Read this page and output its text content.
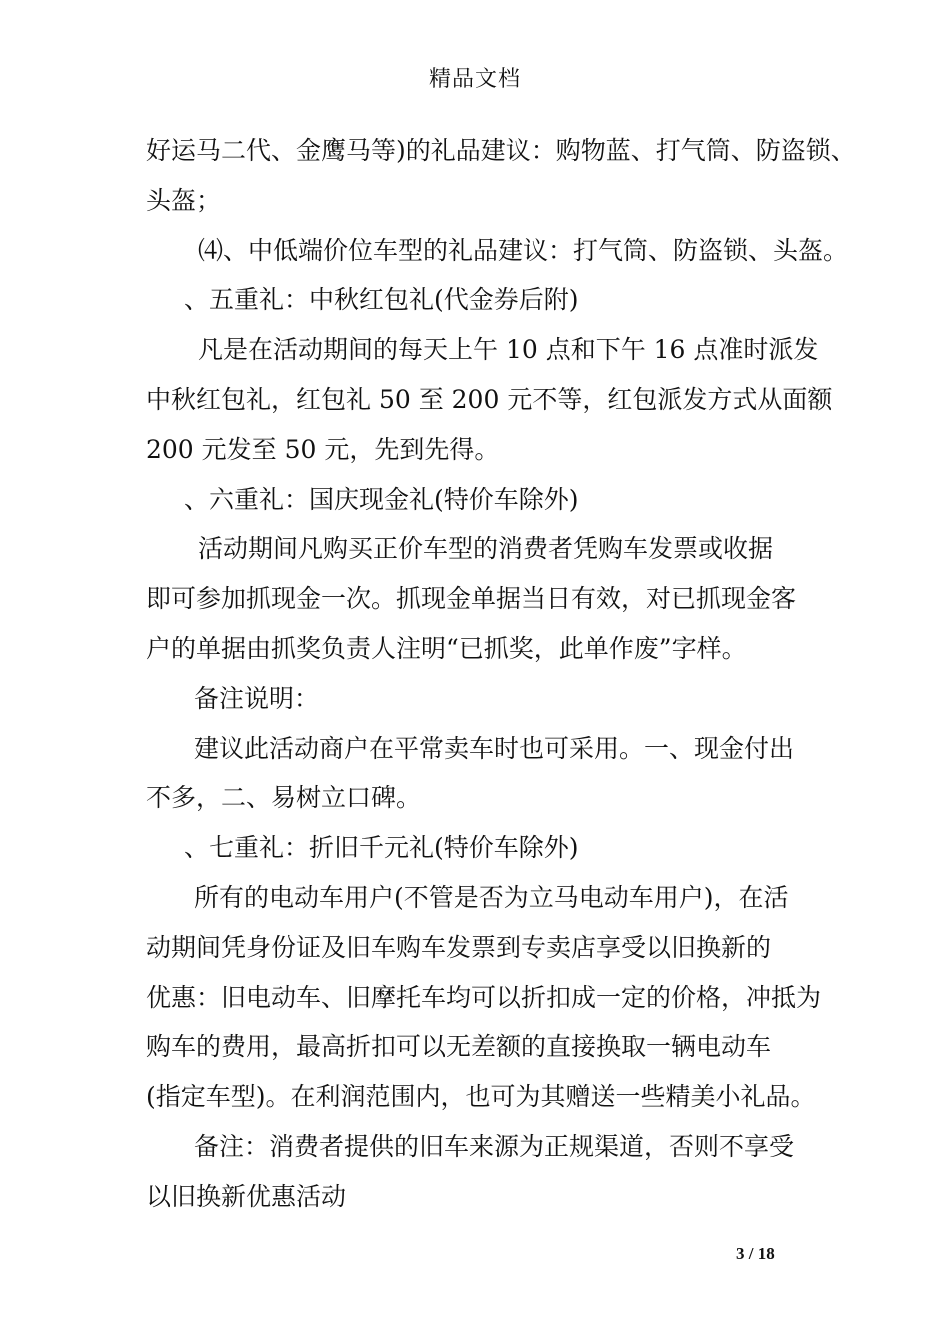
精品文档
好运马二代、金鹰马等)的礼品建议：购物蓝、打气筒、防盗锁、
头盔；
⑷、中低端价位车型的礼品建议：打气筒、防盗锁、头盔。
、五重礼：中秋红包礼(代金券后附)
凡是在活动期间的每天上午 10 点和下午 16 点准时派发
中秋红包礼，红包礼 50 至 200 元不等，红包派发方式从面额
200 元发至 50 元，先到先得。
、六重礼：国庆现金礼(特价车除外)
活动期间凡购买正价车型的消费者凭购车发票或收据
即可参加抓现金一次。抓现金单据当日有效，对已抓现金客
户的单据由抓奖负责人注明“已抓奖，此单作废”字样。
备注说明：
建议此活动商户在平常卖车时也可采用。一、现金付出
不多，二、易树立口碑。
、七重礼：折旧千元礼(特价车除外)
所有的电动车用户(不管是否为立马电动车用户)，在活
动期间凭身份证及旧车购车发票到专卖店享受以旧换新的
优惠：旧电动车、旧摩托车均可以折扣成一定的价格，冲抵为
购车的费用，最高折扣可以无差额的直接换取一辆电动车
(指定车型)。在利润范围内，也可为其赠送一些精美小礼品。
备注：消费者提供的旧车来源为正规渠道，否则不享受
以旧换新优惠活动
3 / 18
